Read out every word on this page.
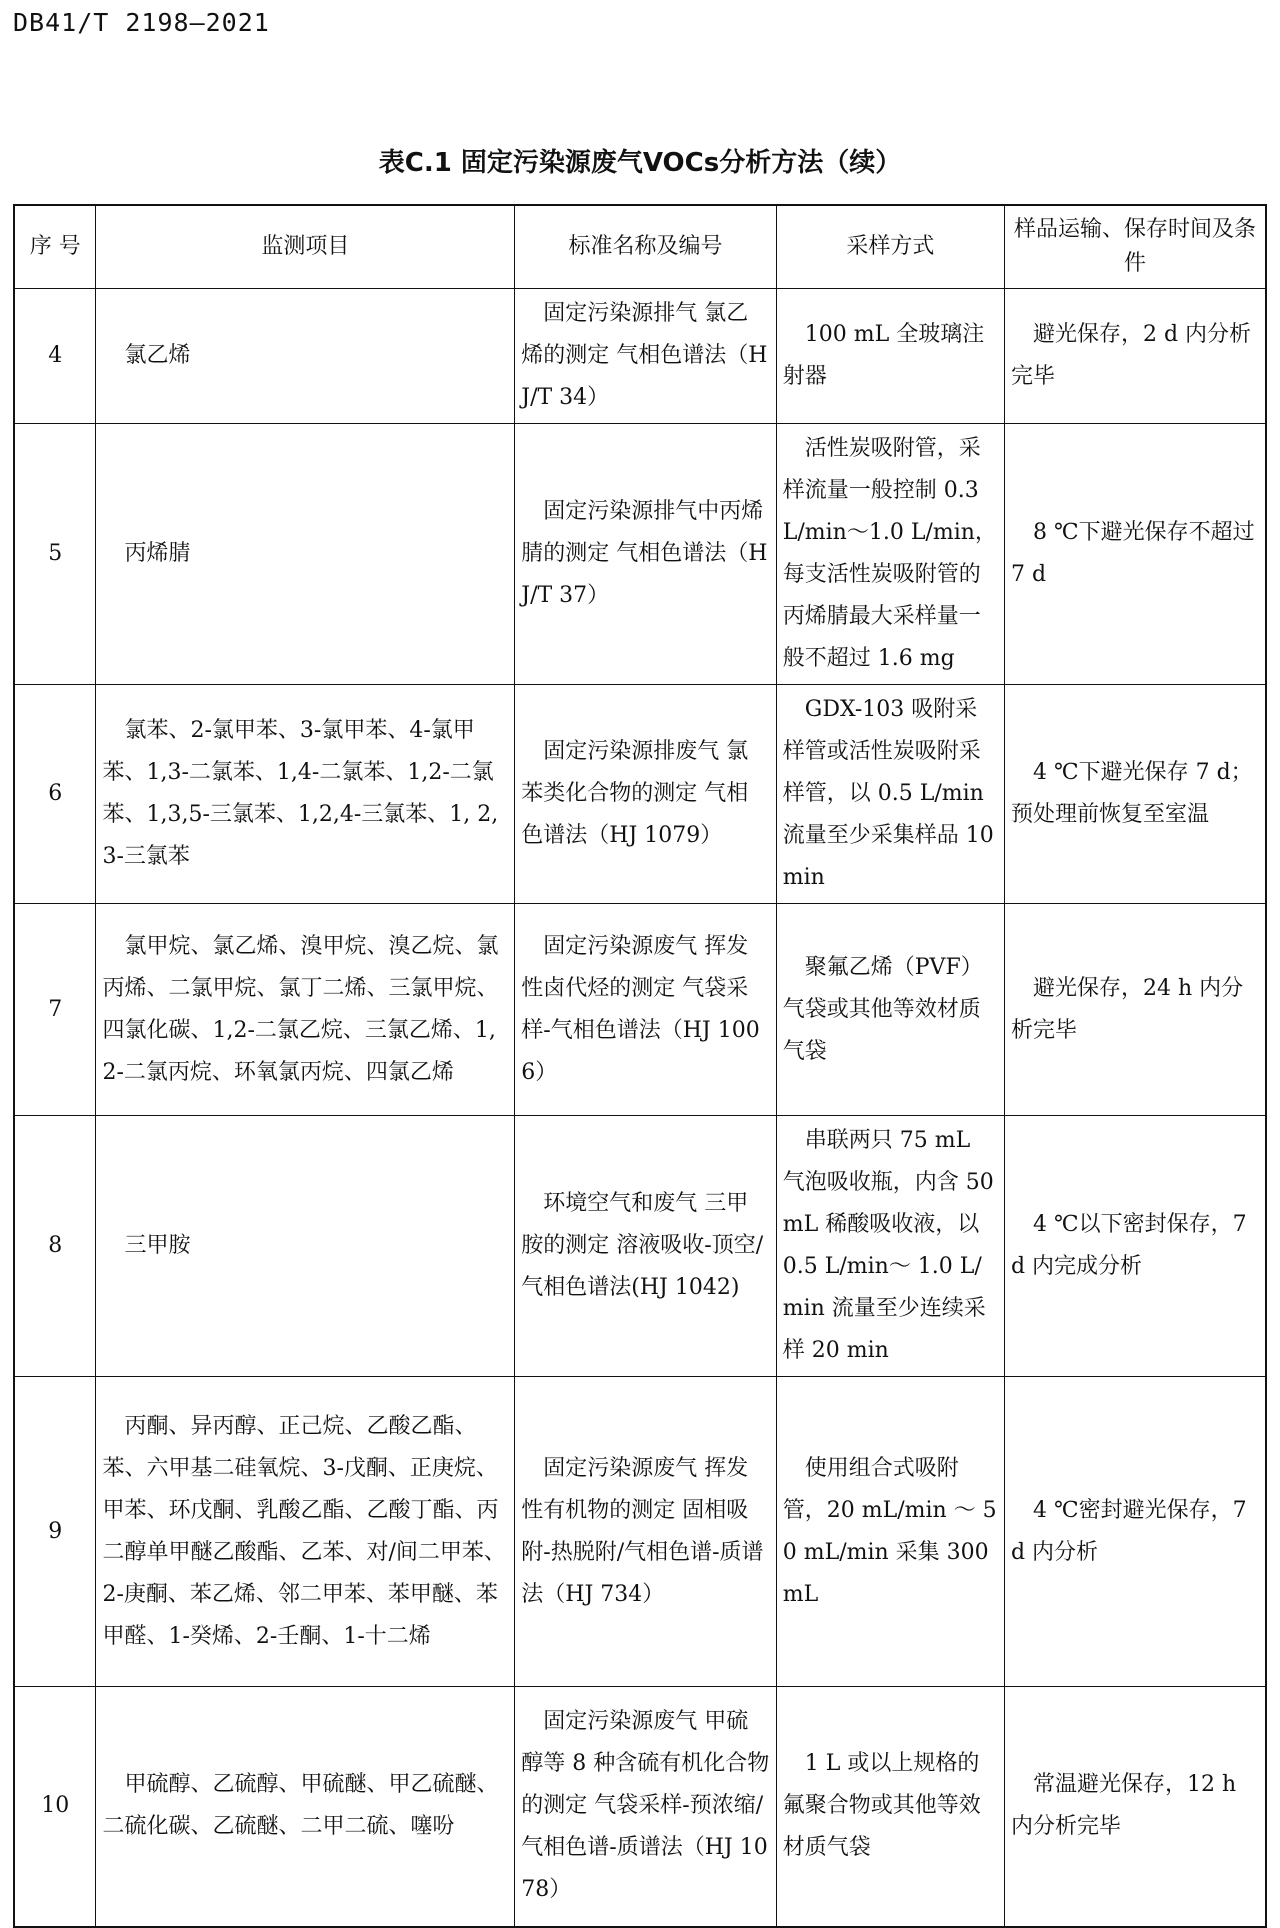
DB41/T 2198—2021
表C.1 固定污染源废气VOCs分析方法（续）
序 号	监测项目	标准名称及编号	采样方式	样品运输、保存时间及条件
4	　氯乙烯	　固定污染源排气 氯乙烯的测定 气相色谱法（HJ/T 34）	　100 mL 全玻璃注射器	　避光保存，2 d 内分析完毕
5	　丙烯腈	　固定污染源排气中丙烯腈的测定 气相色谱法（HJ/T 37）	　活性炭吸附管，采样流量一般控制 0.3 L/min～1.0 L/min，每支活性炭吸附管的丙烯腈最大采样量一般不超过 1.6 mg	　8 ℃下避光保存不超过 7 d
6	　氯苯、2-氯甲苯、3-氯甲苯、4-氯甲苯、1,3-二氯苯、1,4-二氯苯、1,2-二氯苯、1,3,5-三氯苯、1,2,4-三氯苯、1, 2,3-三氯苯	　固定污染源排废气 氯苯类化合物的测定 气相色谱法（HJ 1079）	　GDX-103 吸附采样管或活性炭吸附采样管，以 0.5 L/min 流量至少采集样品 10 min	　4 ℃下避光保存 7 d；预处理前恢复至室温
7	　氯甲烷、氯乙烯、溴甲烷、溴乙烷、氯丙烯、二氯甲烷、氯丁二烯、三氯甲烷、四氯化碳、1,2-二氯乙烷、三氯乙烯、1,2-二氯丙烷、环氧氯丙烷、四氯乙烯	　固定污染源废气 挥发性卤代烃的测定 气袋采样-气相色谱法（HJ 1006）	　聚氟乙烯（PVF）气袋或其他等效材质气袋	　避光保存，24 h 内分析完毕
8	　三甲胺	　环境空气和废气 三甲胺的测定 溶液吸收-顶空/气相色谱法(HJ 1042)	　串联两只 75 mL 气泡吸收瓶，内含 50 mL 稀酸吸收液，以 0.5 L/min～ 1.0 L/min 流量至少连续采样 20 min	　4 ℃以下密封保存，7 d 内完成分析
9	　丙酮、异丙醇、正己烷、乙酸乙酯、苯、六甲基二硅氧烷、3-戊酮、正庚烷、甲苯、环戊酮、乳酸乙酯、乙酸丁酯、丙二醇单甲醚乙酸酯、乙苯、对/间二甲苯、2-庚酮、苯乙烯、邻二甲苯、苯甲醚、苯甲醛、1-癸烯、2-壬酮、1-十二烯	　固定污染源废气 挥发性有机物的测定 固相吸附-热脱附/气相色谱-质谱法（HJ 734）	　使用组合式吸附管，20 mL/min ～ 50 mL/min 采集 300 mL	　4 ℃密封避光保存，7 d 内分析
10	　甲硫醇、乙硫醇、甲硫醚、甲乙硫醚、二硫化碳、乙硫醚、二甲二硫、噻吩	　固定污染源废气 甲硫醇等 8 种含硫有机化合物的测定 气袋采样-预浓缩/气相色谱-质谱法（HJ 1078）	　1 L 或以上规格的氟聚合物或其他等效材质气袋	　常温避光保存，12 h 内分析完毕
